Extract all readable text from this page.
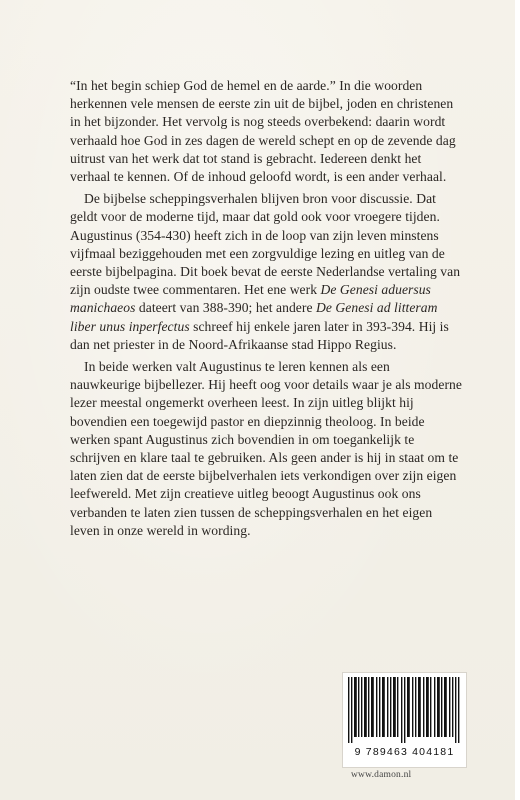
“In het begin schiep God de hemel en de aarde.” In die woorden herkennen vele mensen de eerste zin uit de bijbel, joden en christenen in het bijzonder. Het vervolg is nog steeds overbekend: daarin wordt verhaald hoe God in zes dagen de wereld schept en op de zevende dag uitrust van het werk dat tot stand is gebracht. Iedereen denkt het verhaal te kennen. Of de inhoud geloofd wordt, is een ander verhaal.

De bijbelse scheppingsverhalen blijven bron voor discussie. Dat geldt voor de moderne tijd, maar dat gold ook voor vroegere tijden. Augustinus (354-430) heeft zich in de loop van zijn leven minstens vijfmaal beziggehouden met een zorgvuldige lezing en uitleg van de eerste bijbelpagina. Dit boek bevat de eerste Nederlandse vertaling van zijn oudste twee commentaren. Het ene werk De Genesi aduersus manichaeos dateert van 388-390; het andere De Genesi ad litteram liber unus inperfectus schreef hij enkele jaren later in 393-394. Hij is dan net priester in de Noord-Afrikaanse stad Hippo Regius.

In beide werken valt Augustinus te leren kennen als een nauwkeurige bijbellezer. Hij heeft oog voor details waar je als moderne lezer meestal ongemerkt overheen leest. In zijn uitleg blijkt hij bovendien een toegewijd pastor en diepzinnig theoloog. In beide werken spant Augustinus zich bovendien in om toegankelijk te schrijven en klare taal te gebruiken. Als geen ander is hij in staat om te laten zien dat de eerste bijbelverhalen iets verkondigen over zijn eigen leefwereld. Met zijn creatieve uitleg beoogt Augustinus ook ons verbanden te laten zien tussen de scheppingsverhalen en het eigen leven in onze wereld in wording.

9 789463 404181
www.damon.nl
